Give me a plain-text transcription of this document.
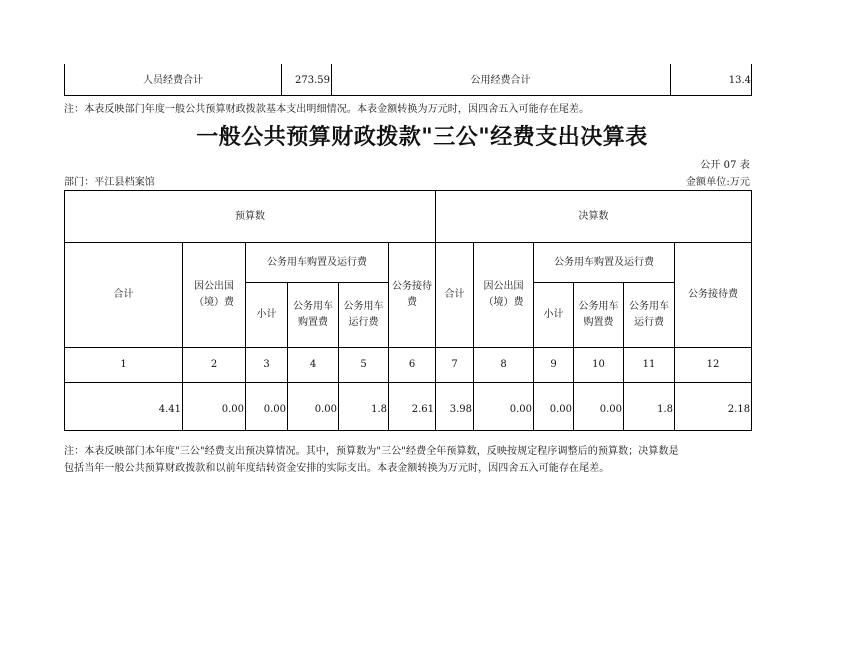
人员经费合计	273.59	公用经费合计	13.4
注：本表反映部门年度一般公共预算财政拨款基本支出明细情况。本表金额转换为万元时，因四舍五入可能存在尾差。
一般公共预算财政拨款"三公"经费支出决算表
公开 07 表
部门：平江县档案馆	金额单位:万元
预算数						决算数					
合计	因公出国（境）费	公务用车购置及运行费			公务接待费	合计	因公出国（境）费	公务用车购置及运行费			公务接待费
		小计	公务用车购置费	公务用车运行费				小计	公务用车购置费	公务用车运行费	
1	2	3	4	5	6	7	8	9	10	11	12
4.41	0.00	0.00	0.00	1.8	2.61	3.98	0.00	0.00	0.00	1.8	2.18
注：本表反映部门本年度"三公"经费支出预决算情况。其中，预算数为"三公"经费全年预算数，反映按规定程序调整后的预算数；决算数是
包括当年一般公共预算财政拨款和以前年度结转资金安排的实际支出。本表金额转换为万元时，因四舍五入可能存在尾差。
